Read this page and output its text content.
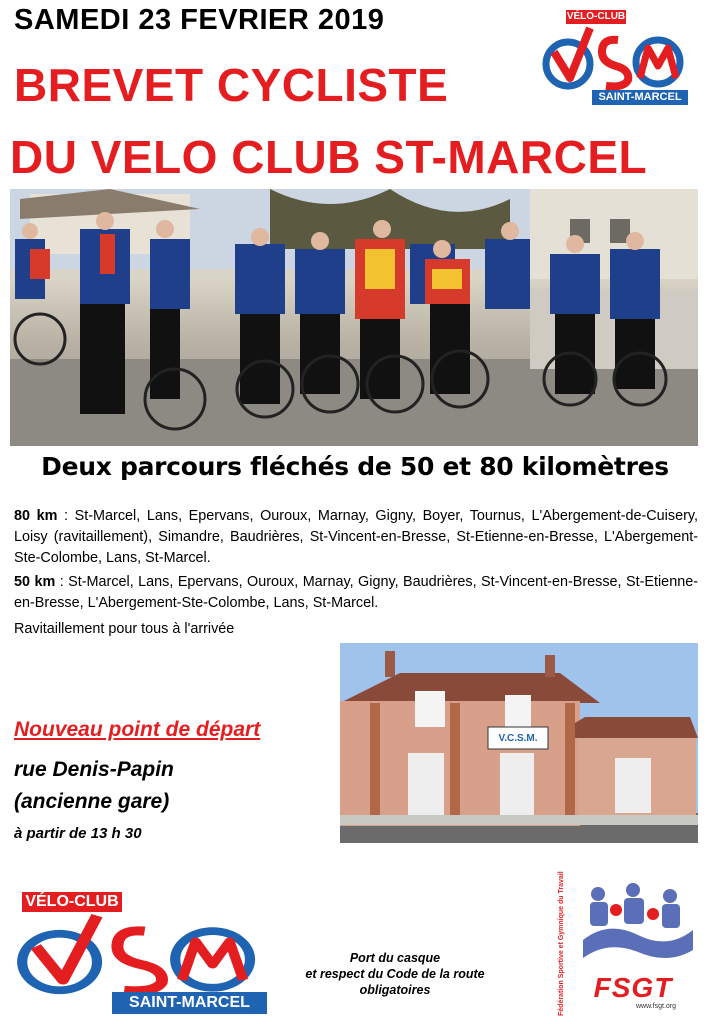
SAMEDI 23 FEVRIER 2019
BREVET CYCLISTE
DU VELO CLUB ST-MARCEL
VÉLO-CLUB
SAINT-MARCEL
Deux parcours fléchés de 50 et 80 kilomètres
80 km : St-Marcel, Lans, Epervans, Ouroux, Marnay, Gigny, Boyer, Tournus, L'Abergement-de-Cuisery, Loisy (ravitaillement), Simandre, Baudrières, St-Vincent-en-Bresse, St-Etienne-en-Bresse, L'Abergement-Ste-Colombe, Lans, St-Marcel.
50 km : St-Marcel, Lans, Epervans, Ouroux, Marnay, Gigny, Baudrières, St-Vincent-en-Bresse, St-Etienne-en-Bresse, L'Abergement-Ste-Colombe, Lans, St-Marcel.
Ravitaillement pour tous à l'arrivée
V.C.S.M.
Nouveau point de départ
rue Denis-Papin
(ancienne gare)
à partir de 13 h 30
VÉLO-CLUB
SAINT-MARCEL
Port du casque
et respect du Code de la route
obligatoires	Fédération Sportive et Gymnique du Travail	FSGT
www.fsgt.org
